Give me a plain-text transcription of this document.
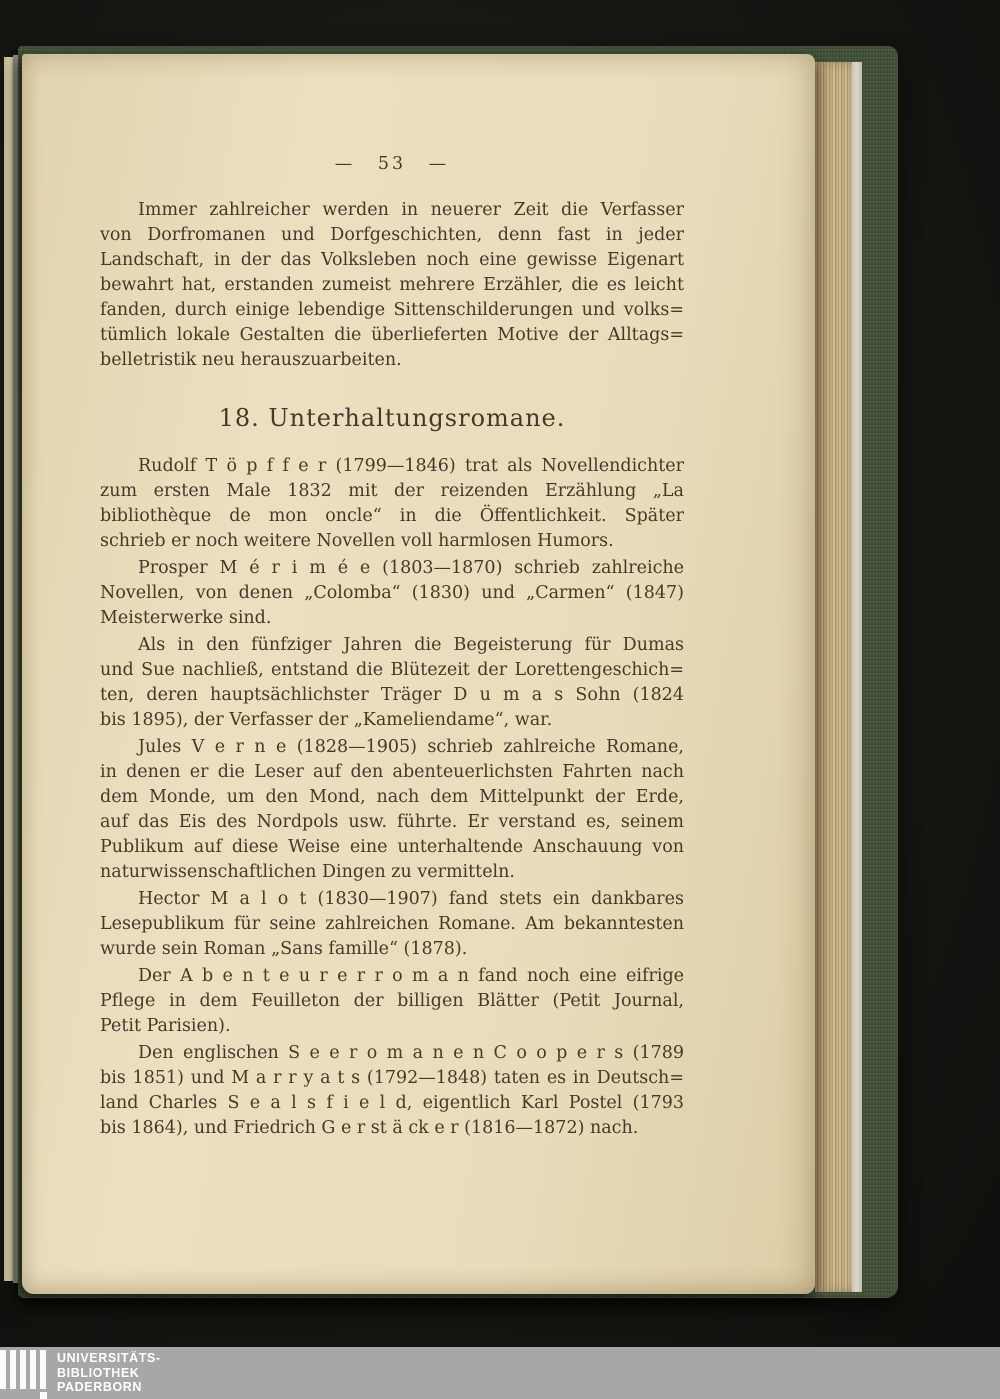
— 53 —
Immer zahlreicher werden in neuerer Zeit die Verfasser
von Dorfromanen und Dorfgeschichten, denn fast in jeder
Landschaft, in der das Volksleben noch eine gewisse Eigenart
bewahrt hat, erstanden zumeist mehrere Erzähler, die es leicht
fanden, durch einige lebendige Sittenschilderungen und volks=
tümlich lokale Gestalten die überlieferten Motive der Alltags=
belletristik neu herauszuarbeiten.
18. Unterhaltungsromane.
Rudolf T ö p f f e r (1799—1846) trat als Novellendichter
zum ersten Male 1832 mit der reizenden Erzählung „La
bibliothèque de mon oncle“ in die Öffentlichkeit. Später
schrieb er noch weitere Novellen voll harmlosen Humors.
Prosper M é r i m é e (1803—1870) schrieb zahlreiche
Novellen, von denen „Colomba“ (1830) und „Carmen“ (1847)
Meisterwerke sind.
Als in den fünfziger Jahren die Begeisterung für Dumas
und Sue nachließ, entstand die Blütezeit der Lorettengeschich=
ten, deren hauptsächlichster Träger D u m a s Sohn (1824
bis 1895), der Verfasser der „Kameliendame“, war.
Jules V e r n e (1828—1905) schrieb zahlreiche Romane,
in denen er die Leser auf den abenteuerlichsten Fahrten nach
dem Monde, um den Mond, nach dem Mittelpunkt der Erde,
auf das Eis des Nordpols usw. führte. Er verstand es, seinem
Publikum auf diese Weise eine unterhaltende Anschauung von
naturwissenschaftlichen Dingen zu vermitteln.
Hector M a l o t (1830—1907) fand stets ein dankbares
Lesepublikum für seine zahlreichen Romane. Am bekanntesten
wurde sein Roman „Sans famille“ (1878).
Der A b e n t e u r e r r o m a n fand noch eine eifrige
Pflege in dem Feuilleton der billigen Blätter (Petit Journal,
Petit Parisien).
Den englischen S e e r o m a n e n C o o p e r s (1789
bis 1851) und M a r r y a t s (1792—1848) taten es in Deutsch=
land Charles S e a l s f i e l d, eigentlich Karl Postel (1793
bis 1864), und Friedrich G e r st ä ck e r (1816—1872) nach.
UNIVERSITÄTS-
BIBLIOTHEK
PADERBORN
